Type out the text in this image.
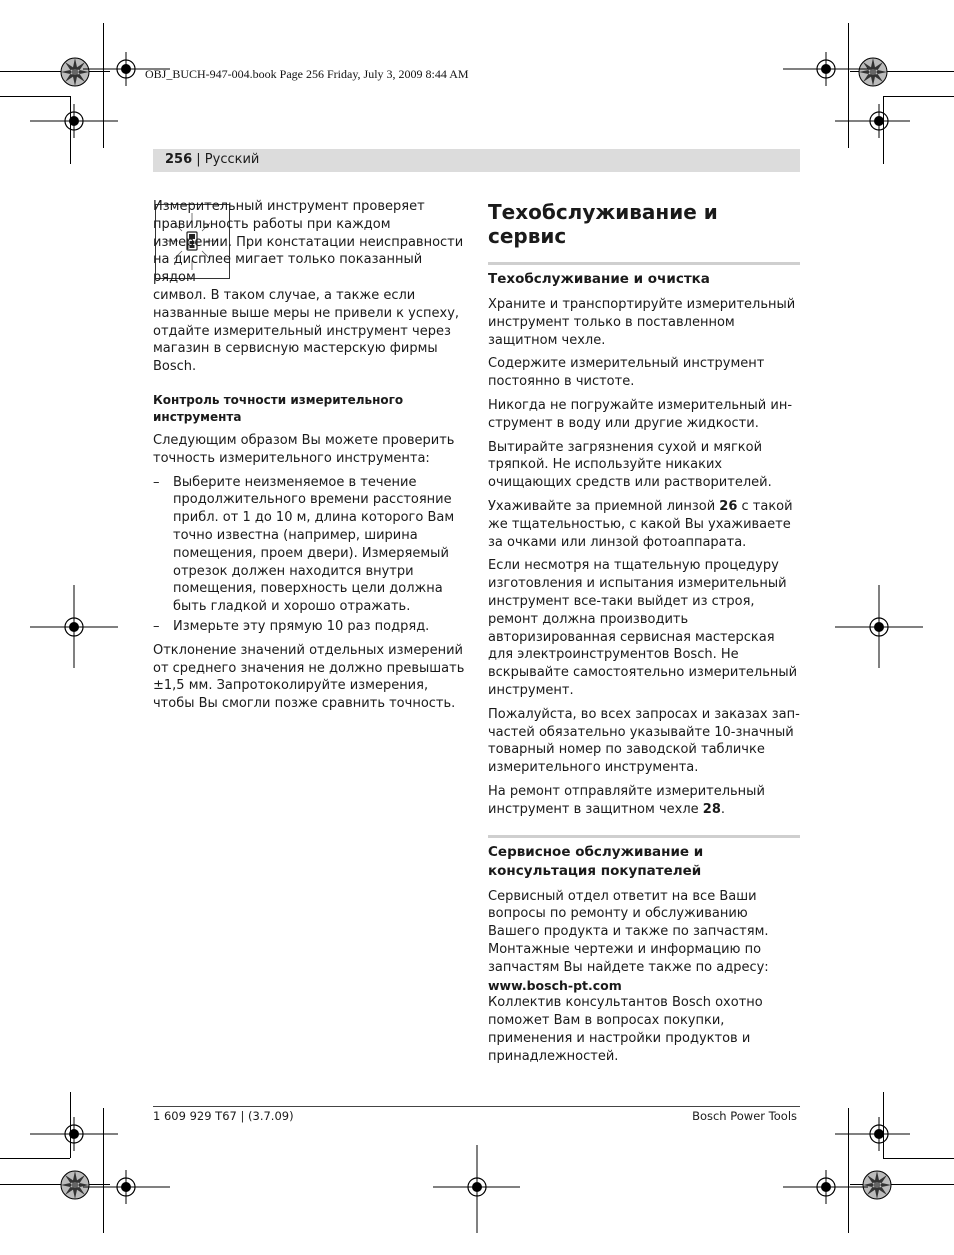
OBJ_BUCH-947-004.book Page 256 Friday, July 3, 2009 8:44 AM
256 | Русский

Измерительный инструмент проверяет правильность работы при каждом измерении. При констатации неисправности на дисплее мигает только показанный рядом

символ. В таком случае, а также если названные выше меры не привели к успеху, отдайте измерительный инструмент через магазин в сервисную мастерскую фирмы Bosch.

Контроль точности измерительного инструмента

Следующим образом Вы можете проверить точность измерительного инструмента:

– Выберите неизменяемое в течение продолжительного времени расстояние прибл. от 1 до 10 м, длина которого Вам точно известна (например, ширина помещения, проем двери). Измеряемый отрезок должен находится внутри помещения, поверхность цели должна быть гладкой и хорошо отражать.
– Измерьте эту прямую 10 раз подряд.

Отклонение значений отдельных измерений от среднего значения не должно превышать ±1,5 мм. Запротоколируйте измерения, чтобы Вы смогли позже сравнить точность.

Техобслуживание и сервис
Техобслуживание и очистка

Храните и транспортируйте измерительный инструмент только в поставленном защитном чехле.

Содержите измерительный инструмент постоянно в чистоте.

Никогда не погружайте измерительный инструмент в воду или другие жидкости.

Вытирайте загрязнения сухой и мягкой тряпкой. Не используйте никаких очищающих средств или растворителей.

Ухаживайте за приемной линзой 26 с такой же тщательностью, с какой Вы ухаживаете за очками или линзой фотоаппарата.

Если несмотря на тщательную процедуру изготовления и испытания измерительный инструмент все-таки выйдет из строя, ремонт должна производить авторизированная сервисная мастерская для электроинструментов Bosch. Не вскрывайте самостоятельно измерительный инструмент.

Пожалуйста, во всех запросах и заказах запчастей обязательно указывайте 10-значный товарный номер по заводской табличке измерительного инструмента.

На ремонт отправляйте измерительный инструмент в защитном чехле 28.

Сервисное обслуживание и консультация покупателей

Сервисный отдел ответит на все Ваши вопросы по ремонту и обслуживанию Вашего продукта и также по запчастям. Монтажные чертежи и информацию по запчастям Вы найдете также по адресу:

www.bosch-pt.com

Коллектив консультантов Bosch охотно поможет Вам в вопросах покупки, применения и настройки продуктов и принадлежностей.

1 609 929 T67 | (3.7.09)	Bosch Power Tools
